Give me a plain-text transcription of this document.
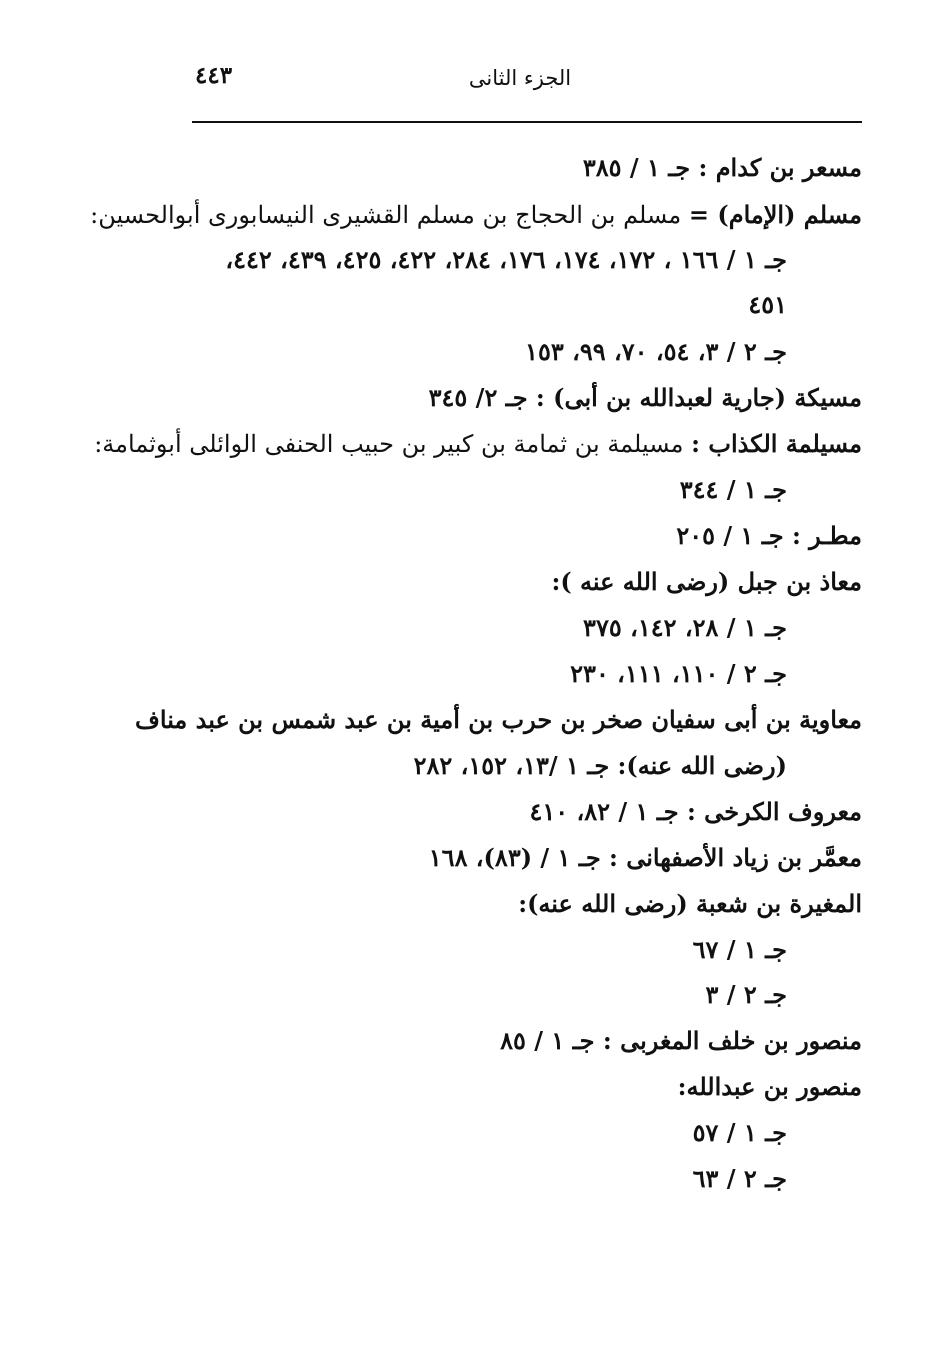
٤٤٣	الجزء الثانى
مسعر بن كدام : جـ ١ / ٣٨٥
مسلم (الإمام) = مسلم بن الحجاج بن مسلم القشيرى النيسابورى أبوالحسين:
جـ ١ / ١٦٦ ، ١٧٢، ١٧٤، ١٧٦، ٢٨٤، ٤٢٢، ٤٢٥، ٤٣٩، ٤٤٢،
٤٥١
جـ ٢ / ٣، ٥٤، ٧٠، ٩٩، ١٥٣
مسيكة (جارية لعبدالله بن أبى) : جـ ٢/ ٣٤٥
مسيلمة الكذاب : مسيلمة بن ثمامة بن كبير بن حبيب الحنفى الوائلى أبوثمامة:
جـ ١ / ٣٤٤
مطـر : جـ ١ / ٢٠٥
معاذ بن جبل (رضى الله عنه ):
جـ ١ / ٢٨، ١٤٢، ٣٧٥
جـ ٢ / ١١٠، ١١١، ٢٣٠
معاوية بن أبى سفيان صخر بن حرب بن أمية بن عبد شمس بن عبد مناف
(رضى الله عنه): جـ ١ /١٣، ١٥٢، ٢٨٢
معروف الكرخى : جـ ١ / ٨٢، ٤١٠
معمَّر بن زياد الأصفهانى : جـ ١ / (٨٣)، ١٦٨
المغيرة بن شعبة (رضى الله عنه):
جـ ١ / ٦٧
جـ ٢ / ٣
منصور بن خلف المغربى : جـ ١ / ٨٥
منصور بن عبدالله:
جـ ١ / ٥٧
جـ ٢ / ٦٣
